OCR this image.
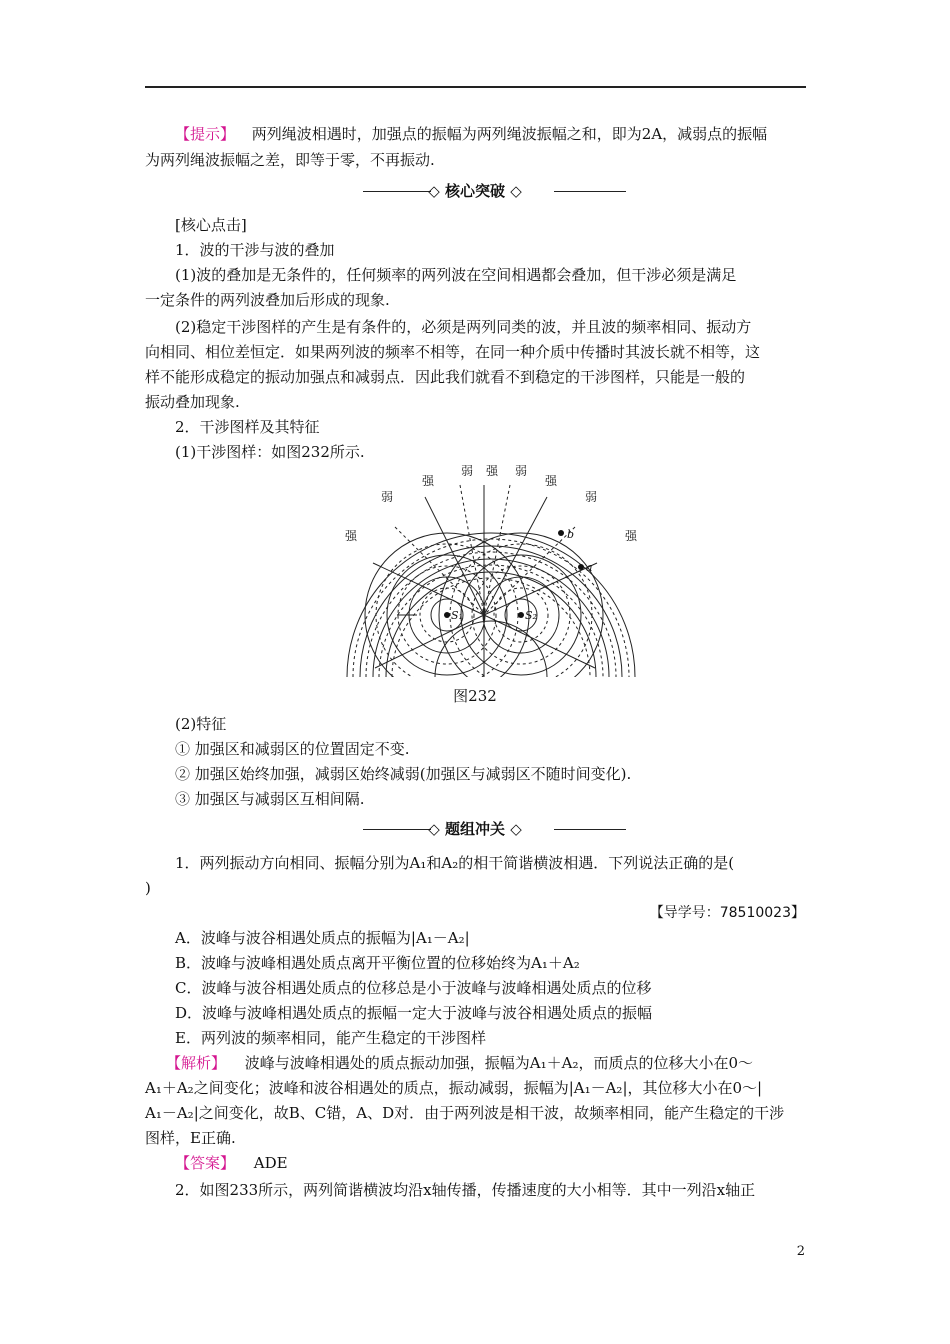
【提示】 两列绳波相遇时，加强点的振幅为两列绳波振幅之和，即为2A，减弱点的振幅
为两列绳波振幅之差，即等于零，不再振动.
◇ 核心突破 ◇
[核心点击]
1．波的干涉与波的叠加
(1)波的叠加是无条件的，任何频率的两列波在空间相遇都会叠加，但干涉必须是满足
一定条件的两列波叠加后形成的现象.
(2)稳定干涉图样的产生是有条件的，必须是两列同类的波，并且波的频率相同、振动方
向相同、相位差恒定．如果两列波的频率不相等，在同一种介质中传播时其波长就不相等，这
样不能形成稳定的振动加强点和减弱点．因此我们就看不到稳定的干涉图样，只能是一般的
振动叠加现象.
2．干涉图样及其特征
(1)干涉图样：如图232所示.
弱 强 弱
强	强
弱	弱
强	强
S₁	S₂
b
a
图232
(2)特征
① 加强区和减弱区的位置固定不变.
② 加强区始终加强，减弱区始终减弱(加强区与减弱区不随时间变化).
③ 加强区与减弱区互相间隔.
◇ 题组冲关 ◇
1．两列振动方向相同、振幅分别为A₁和A₂的相干简谐横波相遇．下列说法正确的是(
)
【导学号：78510023】
A．波峰与波谷相遇处质点的振幅为|A₁－A₂|
B．波峰与波峰相遇处质点离开平衡位置的位移始终为A₁＋A₂
C．波峰与波谷相遇处质点的位移总是小于波峰与波峰相遇处质点的位移
D．波峰与波峰相遇处质点的振幅一定大于波峰与波谷相遇处质点的振幅
E．两列波的频率相同，能产生稳定的干涉图样
【解析】 波峰与波峰相遇处的质点振动加强，振幅为A₁＋A₂，而质点的位移大小在0～
A₁＋A₂之间变化；波峰和波谷相遇处的质点，振动减弱，振幅为|A₁－A₂|，其位移大小在0～|
A₁－A₂|之间变化，故B、C错，A、D对．由于两列波是相干波，故频率相同，能产生稳定的干涉
图样，E正确.
【答案】 ADE
2．如图233所示，两列简谐横波均沿x轴传播，传播速度的大小相等．其中一列沿x轴正
2
